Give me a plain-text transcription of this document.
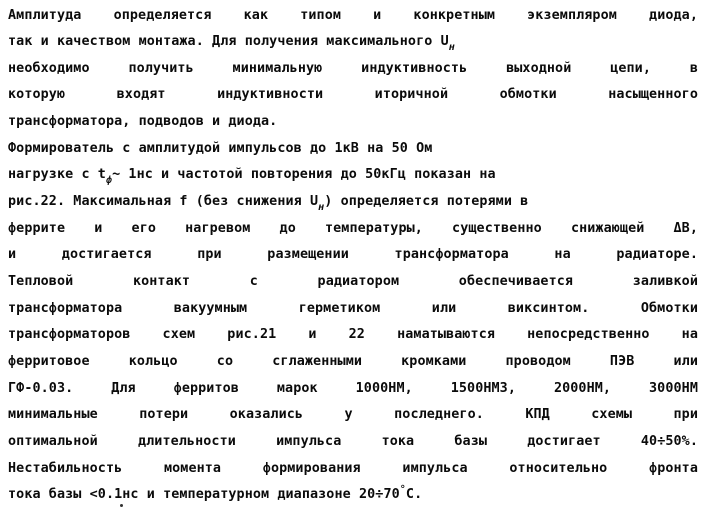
Амплитуда определяется как типом и конкретным экземпляром диода,
так и качеством монтажа. Для получения максимального $U_н$
необходимо получить минимальную индуктивность выходной цепи, в
которую входят индуктивности иторичной обмотки насыщенного
трансформатора, подводов и диода.
Формирователь с амплитудой импульсов до 1кВ на 50 Ом
нагрузке с $t_ф\sim$ 1нс и частотой повторения до 50кГц показан на
рис.22. Максимальная f (без снижения $U_н$) определяется потерями в
феррите и его нагревом до температуры, существенно снижающей ΔB,
и достигается при размещении трансформатора на радиаторе.
Тепловой контакт с радиатором обеспечивается заливкой
трансформатора вакуумным герметиком или виксинтом. Обмотки
трансформаторов схем рис.21 и 22 наматываются непосредственно на
ферритовое кольцо со сглаженными кромками проводом ПЭВ или
ГФ-0.03. Для ферритов марок 1000НМ, 1500НМ3, 2000НМ, 3000НМ
минимальные потери оказались у последнего. КПД схемы при
оптимальной длительности импульса тока базы достигает 40÷50%.
Нестабильность момента формирования импульса относительно фронта
тока базы <0.1нс и температурном диапазоне 20÷70°C.
